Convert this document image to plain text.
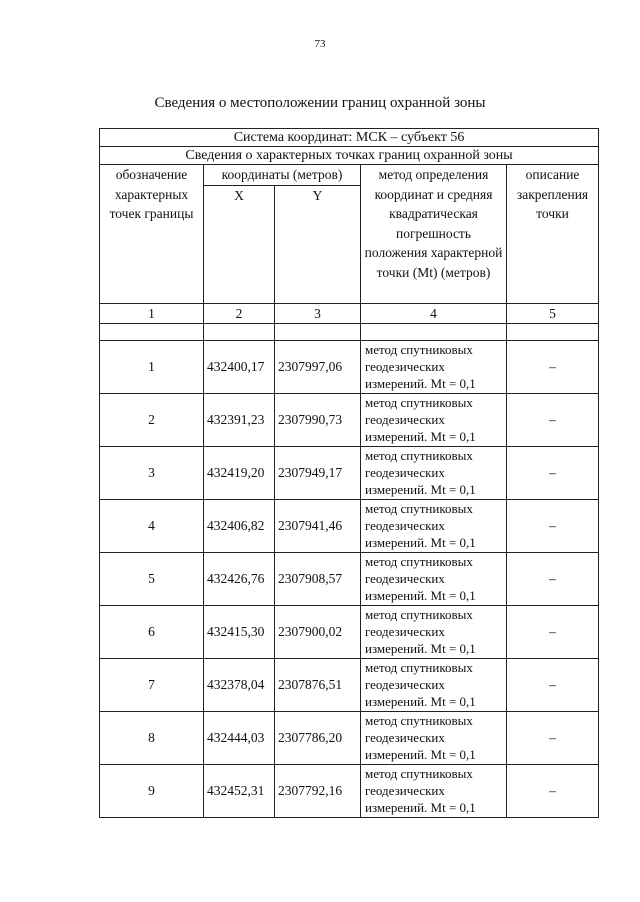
73
Сведения о местоположении границ охранной зоны
Система координат: МСК – субъект 56				
Сведения о характерных точках границ охранной зоны				
обозначение характерных точек границы	координаты (метров)		метод определения координат и средняя квадратическая погрешность положения характерной точки (Mt) (метров)	описание закрепления точки
	X	Y		
1	2	3	4	5

1	432400,17	2307997,06	метод спутниковых геодезических измерений. Mt = 0,1	–
2	432391,23	2307990,73	метод спутниковых геодезических измерений. Mt = 0,1	–
3	432419,20	2307949,17	метод спутниковых геодезических измерений. Mt = 0,1	–
4	432406,82	2307941,46	метод спутниковых геодезических измерений. Mt = 0,1	–
5	432426,76	2307908,57	метод спутниковых геодезических измерений. Mt = 0,1	–
6	432415,30	2307900,02	метод спутниковых геодезических измерений. Mt = 0,1	–
7	432378,04	2307876,51	метод спутниковых геодезических измерений. Mt = 0,1	–
8	432444,03	2307786,20	метод спутниковых геодезических измерений. Mt = 0,1	–
9	432452,31	2307792,16	метод спутниковых геодезических измерений. Mt = 0,1	–
